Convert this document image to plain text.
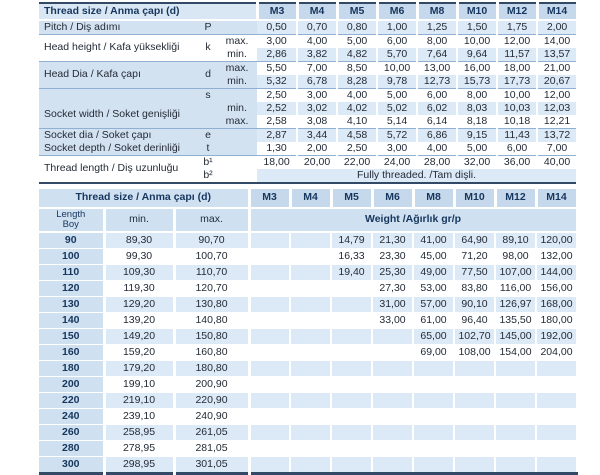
Thread size / Anma çapı (d)			M3	M4	M5	M6	M8	M10	M12	M14
Pitch / Diş adımı	P		0,50	0,70	0,80	1,00	1,25	1,50	1,75	2,00
Head height / Kafa yüksekliği	k	max.	3,00	4,00	5,00	6,00	8,00	10,00	12,00	14,00
		min.	2,86	3,82	4,82	5,70	7,64	9,64	11,57	13,57
Head Dia / Kafa çapı	d	max.	5,50	7,00	8,50	10,00	13,00	16,00	18,00	21,00
		min.	5,32	6,78	8,28	9,78	12,73	15,73	17,73	20,67
	s		2,50	3,00	4,00	5,00	6,00	8,00	10,00	12,00
Socket width / Soket genişliği		min.	2,52	3,02	4,02	5,02	6,02	8,03	10,03	12,03
		max.	2,58	3,08	4,10	5,14	6,14	8,18	10,18	12,21
Socket dia / Soket çapı	e		2,87	3,44	4,58	5,72	6,86	9,15	11,43	13,72
Socket depth / Soket derinliği	t		1,30	2,00	2,50	3,00	4,00	5,00	6,00	7,00
Thread length / Diş uzunluğu	b¹		18,00	20,00	22,00	24,00	28,00	32,00	36,00	40,00
	b²		Fully threaded. /Tam dişli.							
Thread size / Anma çapı (d)			M3	M4	M5	M6	M8	M10	M12	M14

Length
Boy	min.	max.	Weight /Ağırlık gr/p							
90	89,30	90,70			14,79	21,30	41,00	64,90	89,10	120,00
100	99,30	100,70			16,33	23,30	45,00	71,20	98,00	132,00
110	109,30	110,70			19,40	25,30	49,00	77,50	107,00	144,00
120	119,30	120,70				27,30	53,00	83,80	116,00	156,00
130	129,20	130,80				31,00	57,00	90,10	126,97	168,00
140	139,20	140,80				33,00	61,00	96,40	135,50	180,00
150	149,20	150,80					65,00	102,70	145,00	192,00
160	159,20	160,80					69,00	108,00	154,00	204,00
180	179,20	180,80								
200	199,10	200,90								
220	219,10	220,90								
240	239,10	240,90								
260	258,95	261,05								
280	278,95	281,05								
300	298,95	301,05								
